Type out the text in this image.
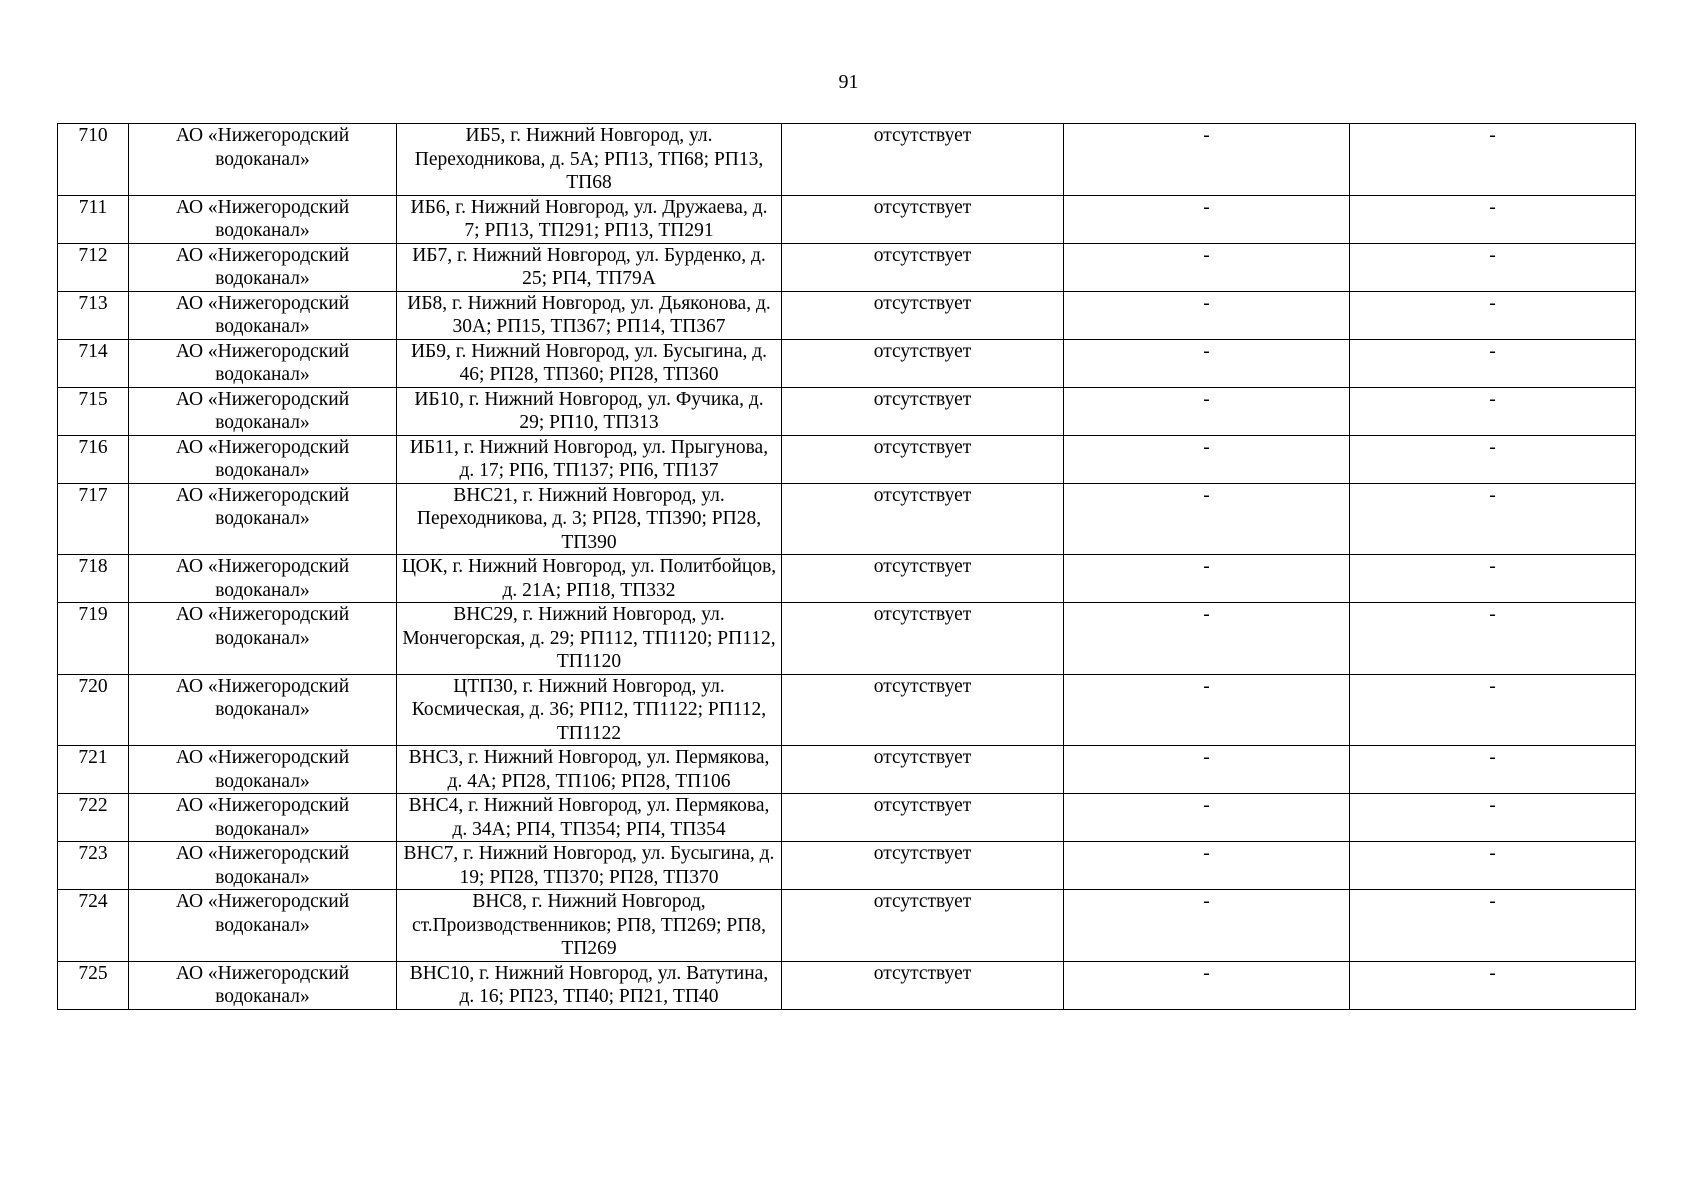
91
710	АО «Нижегородский водоканал»	ИБ5, г. Нижний Новгород, ул. Переходникова, д. 5А; РП13, ТП68; РП13, ТП68	отсутствует	-	-
711	АО «Нижегородский водоканал»	ИБ6, г. Нижний Новгород, ул. Дружаева, д. 7; РП13, ТП291; РП13, ТП291	отсутствует	-	-
712	АО «Нижегородский водоканал»	ИБ7, г. Нижний Новгород, ул. Бурденко, д. 25; РП4, ТП79А	отсутствует	-	-
713	АО «Нижегородский водоканал»	ИБ8, г. Нижний Новгород, ул. Дьяконова, д. 30А; РП15, ТП367; РП14, ТП367	отсутствует	-	-
714	АО «Нижегородский водоканал»	ИБ9, г. Нижний Новгород, ул. Бусыгина, д. 46; РП28, ТП360; РП28, ТП360	отсутствует	-	-
715	АО «Нижегородский водоканал»	ИБ10, г. Нижний Новгород, ул. Фучика, д. 29; РП10, ТП313	отсутствует	-	-
716	АО «Нижегородский водоканал»	ИБ11, г. Нижний Новгород, ул. Прыгунова, д. 17; РП6, ТП137; РП6, ТП137	отсутствует	-	-
717	АО «Нижегородский водоканал»	ВНС21, г. Нижний Новгород, ул. Переходникова, д. 3; РП28, ТП390; РП28, ТП390	отсутствует	-	-
718	АО «Нижегородский водоканал»	ЦОК, г. Нижний Новгород, ул. Политбойцов, д. 21А; РП18, ТП332	отсутствует	-	-
719	АО «Нижегородский водоканал»	ВНС29, г. Нижний Новгород, ул. Мончегорская, д. 29; РП112, ТП1120; РП112, ТП1120	отсутствует	-	-
720	АО «Нижегородский водоканал»	ЦТП30, г. Нижний Новгород, ул. Космическая, д. 36; РП12, ТП1122; РП112, ТП1122	отсутствует	-	-
721	АО «Нижегородский водоканал»	ВНС3, г. Нижний Новгород, ул. Пермякова, д. 4А; РП28, ТП106; РП28, ТП106	отсутствует	-	-
722	АО «Нижегородский водоканал»	ВНС4, г. Нижний Новгород, ул. Пермякова, д. 34А; РП4, ТП354; РП4, ТП354	отсутствует	-	-
723	АО «Нижегородский водоканал»	ВНС7, г. Нижний Новгород, ул. Бусыгина, д. 19; РП28, ТП370; РП28, ТП370	отсутствует	-	-
724	АО «Нижегородский водоканал»	ВНС8, г. Нижний Новгород, ст.Производственников; РП8, ТП269; РП8, ТП269	отсутствует	-	-
725	АО «Нижегородский водоканал»	ВНС10, г. Нижний Новгород, ул. Ватутина, д. 16; РП23, ТП40; РП21, ТП40	отсутствует	-	-
